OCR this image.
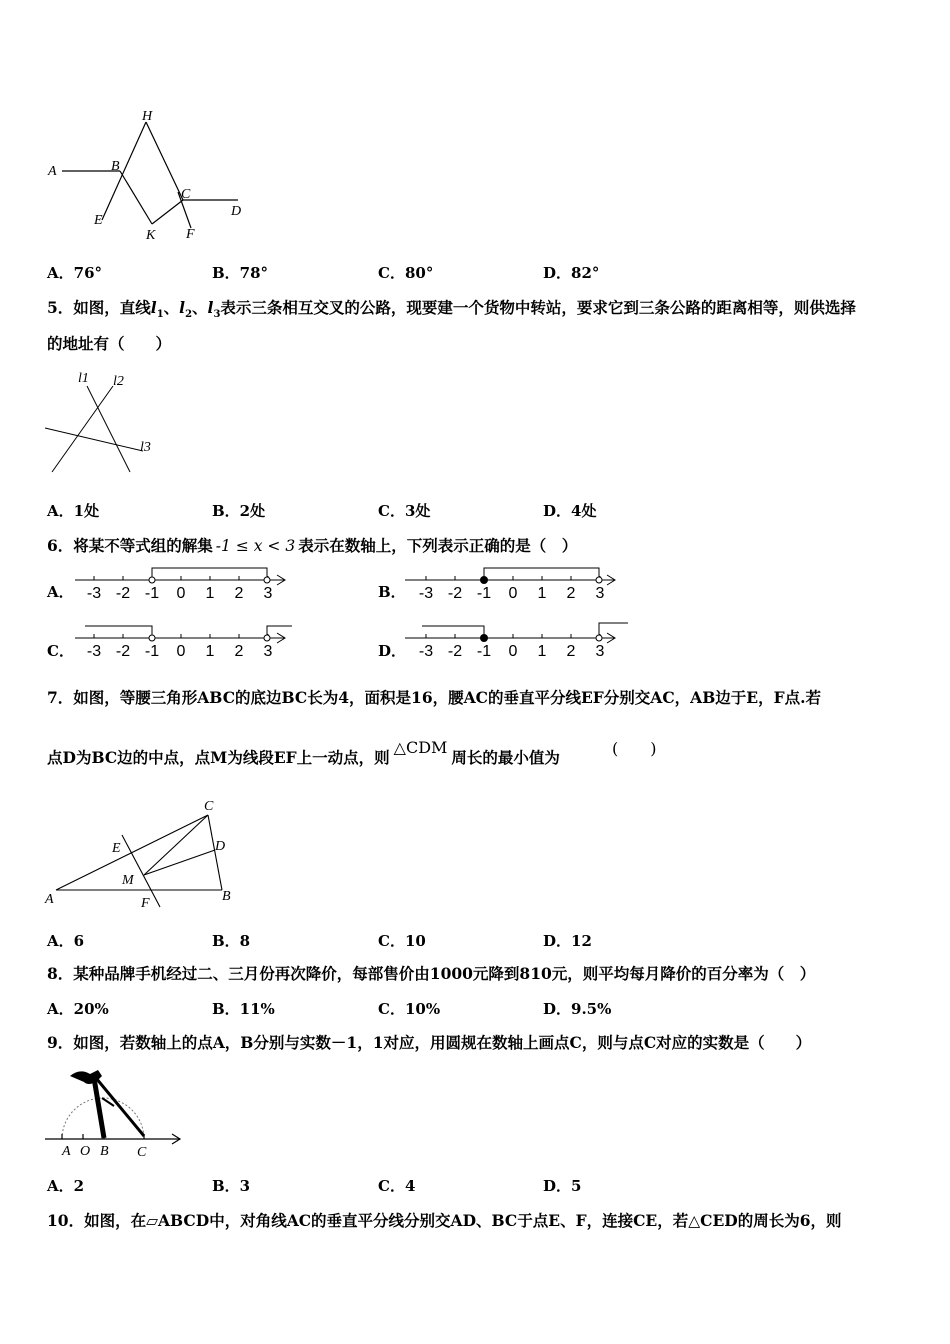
A	B
H
C
D
E
K F
A．76°	B．78°	C．80°	D．82°
5．如图，直线$l_1$、$l_2$、$l_3$表示三条相互交叉的公路，现要建一个货物中转站，要求它到三条公路的距离相等，则供选择
的地址有（　　）
l1 l2
l3
A．1处	B．2处	C．3处	D．4处
6．将某不等式组的解集 -1 ≤ x < 3 表示在数轴上，下列表示正确的是（　）
A．	B．
C．	D．
-3 -2 -1 0 1 2 3	-3 -2 -1 0 1 2 3
-3 -2 -1 0 1 2 3	-3 -2 -1 0 1 2 3
7．如图，等腰三角形ABC的底边BC长为4，面积是16，腰AC的垂直平分线EF分别交AC，AB边于E，F点.若
点D为BC边的中点，点M为线段EF上一动点，则△CDM周长的最小值为	(　　)
C
E	D
M
A	F	B
A．6	B．8	C．10	D．12
8．某种品牌手机经过二、三月份再次降价，每部售价由1000元降到810元，则平均每月降价的百分率为（　）
A．20%	B．11%	C．10%	D．9.5%
9．如图，若数轴上的点A，B分别与实数－1，1对应，用圆规在数轴上画点C，则与点C对应的实数是（　　）
A O B C
A．2	B．3	C．4	D．5
10．如图，在▱ABCD中，对角线AC的垂直平分线分别交AD、BC于点E、F，连接CE，若△CED的周长为6，则
